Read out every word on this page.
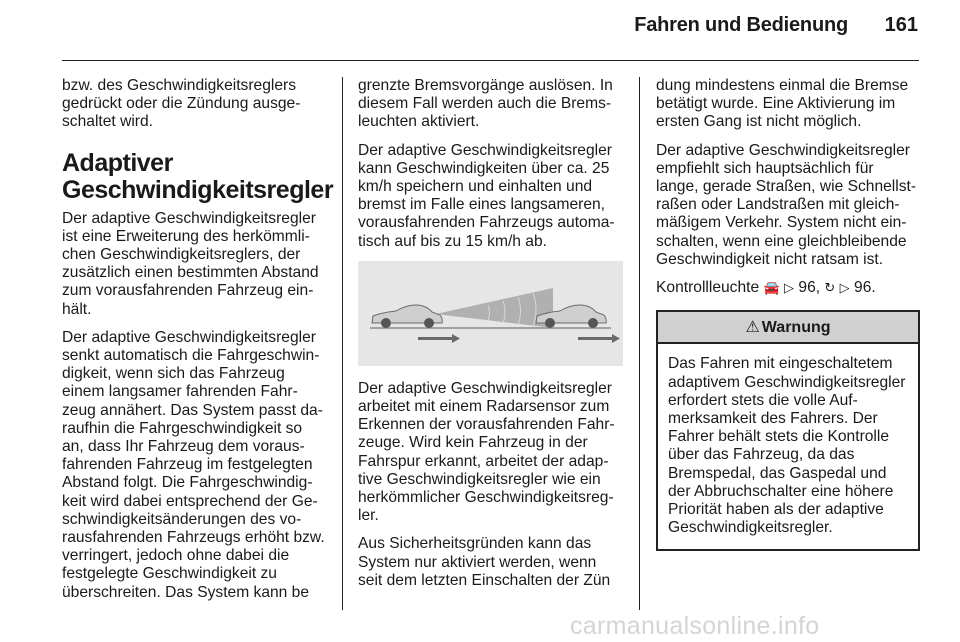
Fahren und Bedienung 161

bzw. des Geschwindigkeitsreglers gedrückt oder die Zündung ausgeschaltet wird.

Adaptiver Geschwindigkeitsregler

Der adaptive Geschwindigkeitsregler ist eine Erweiterung des herkömmlichen Geschwindigkeitsreglers, der zusätzlich einen bestimmten Abstand zum vorausfahrenden Fahrzeug einhält.

Der adaptive Geschwindigkeitsregler senkt automatisch die Fahrgeschwindigkeit, wenn sich das Fahrzeug einem langsamer fahrenden Fahrzeug annähert. Das System passt daraufhin die Fahrgeschwindigkeit so an, dass Ihr Fahrzeug dem vorausfahrenden Fahrzeug im festgelegten Abstand folgt. Die Fahrgeschwindigkeit wird dabei entsprechend der Geschwindigkeitsänderungen des vorausfahrenden Fahrzeugs erhöht bzw. verringert, jedoch ohne dabei die festgelegte Geschwindigkeit zu überschreiten. Das System kann be

grenzte Bremsvorgänge auslösen. In diesem Fall werden auch die Bremsleuchten aktiviert.

Der adaptive Geschwindigkeitsregler kann Geschwindigkeiten über ca. 25 km/h speichern und einhalten und bremst im Falle eines langsameren, vorausfahrenden Fahrzeugs automatisch auf bis zu 15 km/h ab.

Der adaptive Geschwindigkeitsregler arbeitet mit einem Radarsensor zum Erkennen der vorausfahrenden Fahrzeuge. Wird kein Fahrzeug in der Fahrspur erkannt, arbeitet der adaptive Geschwindigkeitsregler wie ein herkömmlicher Geschwindigkeitsregler.

Aus Sicherheitsgründen kann das System nur aktiviert werden, wenn seit dem letzten Einschalten der Zün

dung mindestens einmal die Bremse betätigt wurde. Eine Aktivierung im ersten Gang ist nicht möglich.

Der adaptive Geschwindigkeitsregler empfiehlt sich hauptsächlich für lange, gerade Straßen, wie Schnellstraßen oder Landstraßen mit gleichmäßigem Verkehr. System nicht einschalten, wenn eine gleichbleibende Geschwindigkeit nicht ratsam ist.

Kontrollleuchte 🚘 ▷ 96, ↻ ▷ 96.

⚠ Warnung
Das Fahren mit eingeschaltetem adaptivem Geschwindigkeitsregler erfordert stets die volle Aufmerksamkeit des Fahrers. Der Fahrer behält stets die Kontrolle über das Fahrzeug, da das Bremspedal, das Gaspedal und der Abbruchschalter eine höhere Priorität haben als der adaptive Geschwindigkeitsregler.
carmanualsonline.info
